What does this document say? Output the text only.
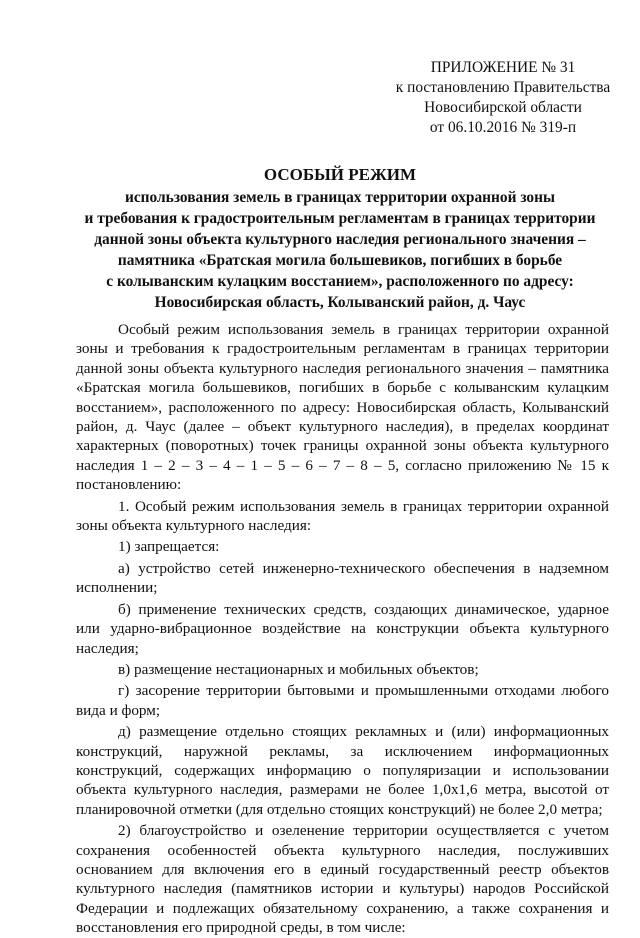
ПРИЛОЖЕНИЕ № 31
к постановлению Правительства
Новосибирской области
от 06.10.2016 № 319-п
ОСОБЫЙ РЕЖИМ
использования земель в границах территории охранной зоны
и требования к градостроительным регламентам в границах территории
данной зоны объекта культурного наследия регионального значения –
памятника «Братская могила большевиков, погибших в борьбе
с колыванским кулацким восстанием», расположенного по адресу:
Новосибирская область, Колыванский район, д. Чаус

Особый режим использования земель в границах территории охранной зоны и требования к градостроительным регламентам в границах территории данной зоны объекта культурного наследия регионального значения – памятника «Братская могила большевиков, погибших в борьбе с колыванским кулацким восстанием», расположенного по адресу: Новосибирская область, Колыванский район, д. Чаус (далее – объект культурного наследия), в пределах координат характерных (поворотных) точек границы охранной зоны объекта культурного наследия 1 – 2 – 3 – 4 – 1 – 5 – 6 – 7 – 8 – 5, согласно приложению № 15 к постановлению:

1. Особый режим использования земель в границах территории охранной зоны объекта культурного наследия:

1) запрещается:

а) устройство сетей инженерно-технического обеспечения в надземном исполнении;

б) применение технических средств, создающих динамическое, ударное или ударно-вибрационное воздействие на конструкции объекта культурного наследия;

в) размещение нестационарных и мобильных объектов;

г) засорение территории бытовыми и промышленными отходами любого вида и форм;

д) размещение отдельно стоящих рекламных и (или) информационных конструкций, наружной рекламы, за исключением информационных конструкций, содержащих информацию о популяризации и использовании объекта культурного наследия, размерами не более 1,0х1,6 метра, высотой от планировочной отметки (для отдельно стоящих конструкций) не более 2,0 метра;

2) благоустройство и озеленение территории осуществляется с учетом сохранения особенностей объекта культурного наследия, послуживших основанием для включения его в единый государственный реестр объектов культурного наследия (памятников истории и культуры) народов Российской Федерации и подлежащих обязательному сохранению, а также сохранения и восстановления его природной среды, в том числе:
